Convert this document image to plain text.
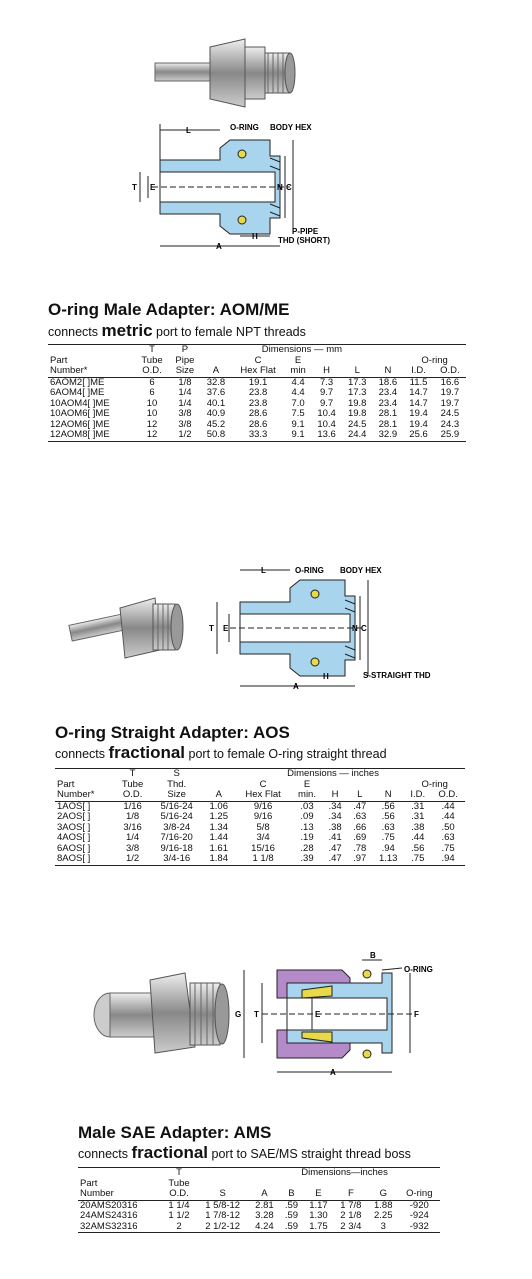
L	O-RING BODY HEX
T E	N C
H
A
P-PIPE
THD (SHORT)
O-ring Male Adapter: AOM/ME
connects metric port to female NPT threads
	T	P	Dimensions — mm							
Part	Tube	Pipe		C	E				O-ring	
Number*	O.D.	Size	A	Hex Flat	min	H	L	N	I.D.	O.D.
6AOM2[ ]ME	6	1/8	32.8	19.1	4.4	7.3	17.3	18.6	11.5	16.6
6AOM4[ ]ME	6	1/4	37.6	23.8	4.4	9.7	17.3	23.4	14.7	19.7
10AOM4[ ]ME	10	1/4	40.1	23.8	7.0	9.7	19.8	23.4	14.7	19.7
10AOM6[ ]ME	10	3/8	40.9	28.6	7.5	10.4	19.8	28.1	19.4	24.5
12AOM6[ ]ME	12	3/8	45.2	28.6	9.1	10.4	24.5	28.1	19.4	24.3
12AOM8[ ]ME	12	1/2	50.8	33.3	9.1	13.6	24.4	32.9	25.6	25.9
L	O-RING BODY HEX
T E	N C
H
A
S-STRAIGHT THD
O-ring Straight Adapter: AOS
connects fractional port to female O-ring straight thread
	T	S		Dimensions — inches						
Part	Tube	Thd.		C	E				O-ring	
Number*	O.D.	Size	A	Hex Flat	min.	H	L	N	I.D.	O.D.
1AOS[ ]	1/16	5/16-24	1.06	9/16	.03	.34	.47	.56	.31	.44
2AOS[ ]	1/8	5/16-24	1.25	9/16	.09	.34	.63	.56	.31	.44
3AOS[ ]	3/16	3/8-24	1.34	5/8	.13	.38	.66	.63	.38	.50
4AOS[ ]	1/4	7/16-20	1.44	3/4	.19	.41	.69	.75	.44	.63
6AOS[ ]	3/8	9/16-18	1.61	15/16	.28	.47	.78	.94	.56	.75
8AOS[ ]	1/2	3/4-16	1.84	1 1/8	.39	.47	.97	1.13	.75	.94
B
O-RING
G T	E	F
A
Male SAE Adapter: AMS
connects fractional port to SAE/MS straight thread boss
	T		Dimensions—inches					
Part	Tube							
Number	O.D.	S	A	B	E	F	G	O-ring
20AMS20316	1 1/4	1 5/8-12	2.81	.59	1.17	1 7/8	1.88	-920
24AMS24316	1 1/2	1 7/8-12	3.28	.59	1.30	2 1/8	2.25	-924
32AMS32316	2	2 1/2-12	4.24	.59	1.75	2 3/4	3	-932
